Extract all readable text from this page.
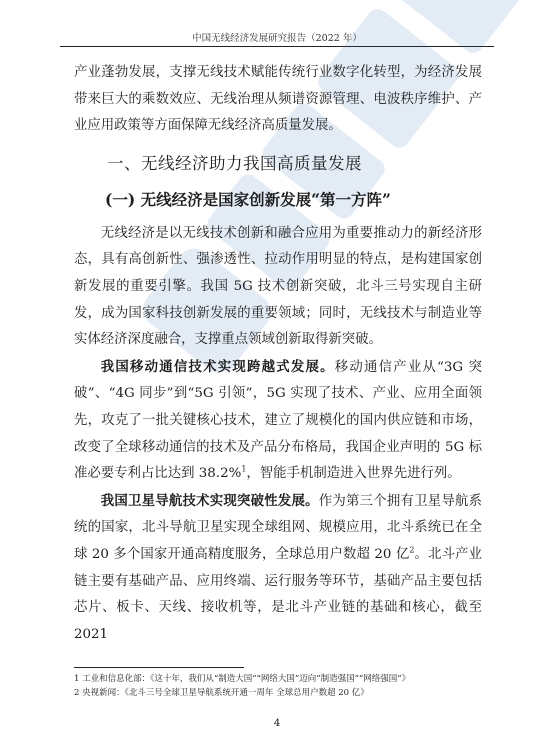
中国无线经济发展研究报告（2022 年）

产业蓬勃发展，支撑无线技术赋能传统行业数字化转型，为经济发展带来巨大的乘数效应、无线治理从频谱资源管理、电波秩序维护、产业应用政策等方面保障无线经济高质量发展。

一、无线经济助力我国高质量发展

(一) 无线经济是国家创新发展“第一方阵”

无线经济是以无线技术创新和融合应用为重要推动力的新经济形态，具有高创新性、强渗透性、拉动作用明显的特点，是构建国家创新发展的重要引擎。我国 5G 技术创新突破，北斗三号实现自主研发，成为国家科技创新发展的重要领域；同时，无线技术与制造业等实体经济深度融合，支撑重点领域创新取得新突破。

我国移动通信技术实现跨越式发展。移动通信产业从“3G 突破”、“4G 同步”到“5G 引领”，5G 实现了技术、产业、应用全面领先，攻克了一批关键核心技术，建立了规模化的国内供应链和市场，改变了全球移动通信的技术及产品分布格局，我国企业声明的 5G 标准必要专利占比达到 38.2%$^1$，智能手机制造进入世界先进行列。

我国卫星导航技术实现突破性发展。作为第三个拥有卫星导航系统的国家，北斗导航卫星实现全球组网、规模应用，北斗系统已在全球 20 多个国家开通高精度服务，全球总用户数超 20 亿$^2$。北斗产业链主要有基础产品、应用终端、运行服务等环节，基础产品主要包括芯片、板卡、天线、接收机等，是北斗产业链的基础和核心，截至 2021

1 工业和信息化部：《这十年，我们从“制造大国”“网络大国”迈向“制造强国”“网络强国”》

2 央视新闻：《北斗三号全球卫星导航系统开通一周年 全球总用户数超 20 亿》

4
